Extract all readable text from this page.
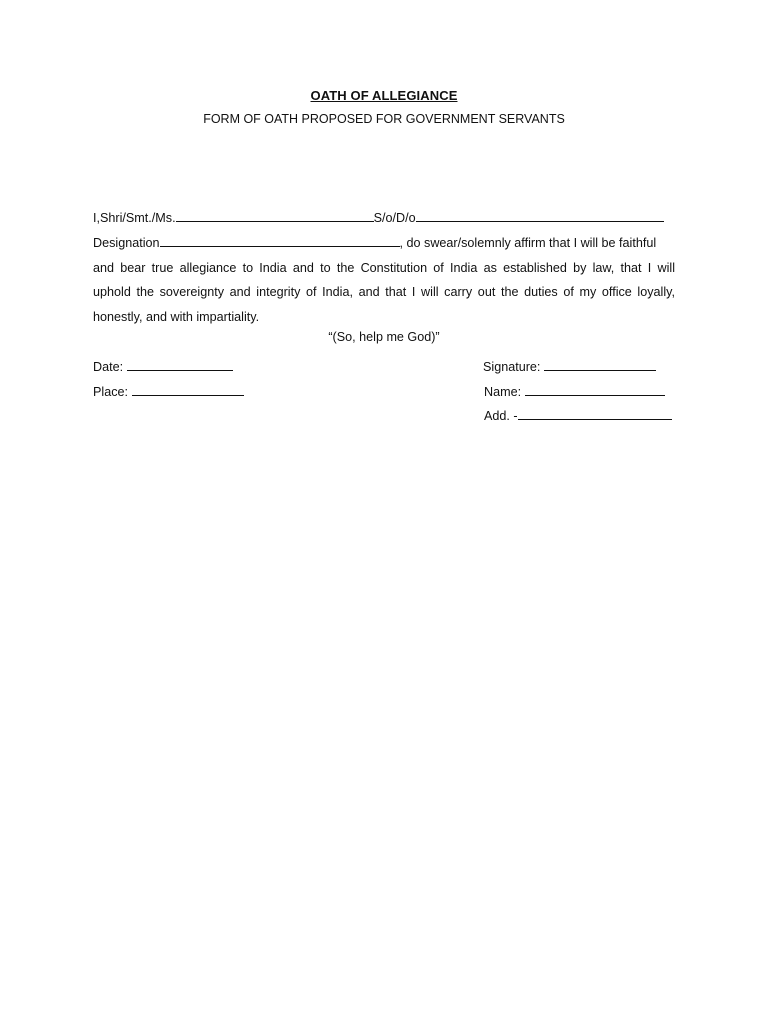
OATH OF ALLEGIANCE
FORM OF OATH PROPOSED FOR GOVERNMENT SERVANTS
I,Shri/Smt./Ms.	S/o/D/o
Designation	, do swear/solemnly affirm that I will be faithful
and bear true allegiance to India and to the Constitution of India as established by law, that I will
uphold the sovereignty and integrity of India, and that I will carry out the duties of my office loyally,
honestly, and with impartiality.
“(So, help me God)”
Date:
Place:
Signature:
Name:
Add. -
